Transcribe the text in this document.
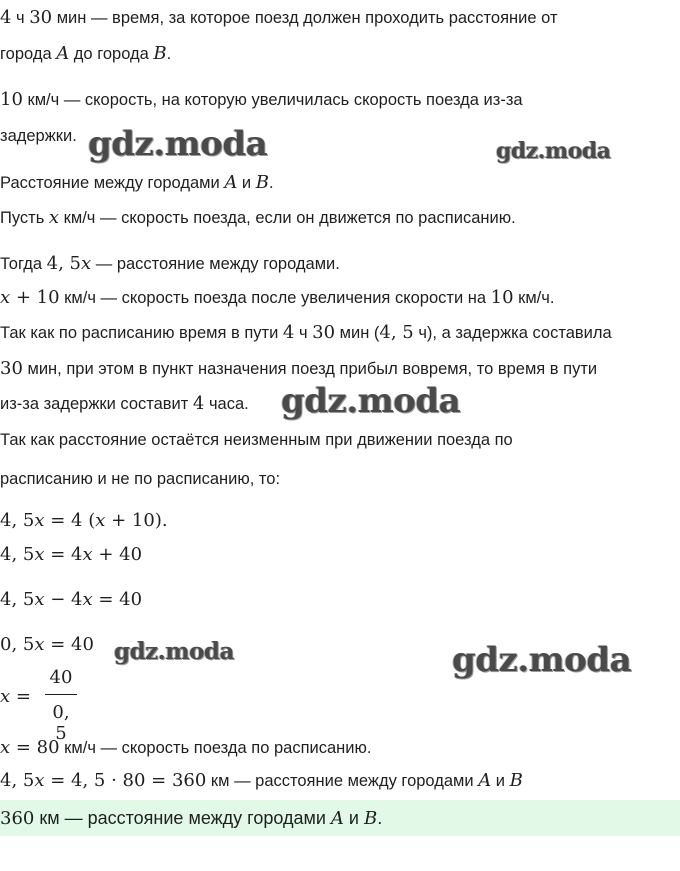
4 ч 30 мин — время, за которое поезд должен проходить расстояние от
города A до города B.
10 км/ч — скорость, на которую увеличилась скорость поезда из-за
задержки.
Расстояние между городами A и B.
Пусть x км/ч — скорость поезда, если он движется по расписанию.
Тогда 4, 5x — расстояние между городами.
x + 10 км/ч — скорость поезда после увеличения скорости на 10 км/ч.
Так как по расписанию время в пути 4 ч 30 мин (4, 5 ч), а задержка составила
30 мин, при этом в пункт назначения поезд прибыл вовремя, то время в пути
из-за задержки составит 4 часа.
Так как расстояние остаётся неизменным при движении поезда по
расписанию и не по расписанию, то:
4, 5x = 4 (x + 10).
4, 5x = 4x + 40
4, 5x − 4x = 40
0, 5x = 40
x =
40
0, 5
x = 80 км/ч — скорость поезда по расписанию.
4, 5x = 4, 5 · 80 = 360 км — расстояние между городами A и B
360 км — расстояние между городами A и B.
gdz.moda	gdz.moda
gdz.moda
gdz.moda	gdz.moda
